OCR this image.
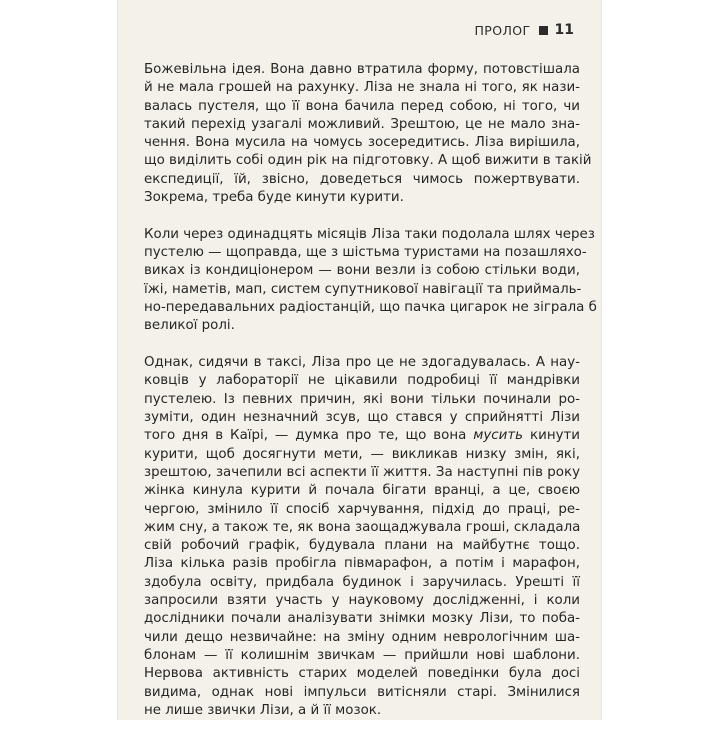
ПРОЛОГ 11
Божевільна ідея. Вона давно втратила форму, потовстішала
й не мала грошей на рахунку. Ліза не знала ні того, як нази-
валась пустеля, що її вона бачила перед собою, ні того, чи
такий перехід узагалі можливий. Зрештою, це не мало зна-
чення. Вона мусила на чомусь зосередитись. Ліза вирішила,
що виділить собі один рік на підготовку. А щоб вижити в такій
експедиції, їй, звісно, доведеться чимось пожертвувати.
Зокрема, треба буде кинути курити.
Коли через одинадцять місяців Ліза таки подолала шлях через
пустелю — щоправда, ще з шістьма туристами на позашляхо-
виках із кондиціонером — вони везли із собою стільки води,
їжі, наметів, мап, систем супутникової навігації та приймаль-
но-передавальних радіостанцій, що пачка цигарок не зіграла б
великої ролі.
Однак, сидячи в таксі, Ліза про це не здогадувалась. А нау-
ковців у лабораторії не цікавили подробиці її мандрівки
пустелею. Із певних причин, які вони тільки починали ро-
зуміти, один незначний зсув, що стався у сприйнятті Лізи
того дня в Каїрі, — думка про те, що вона мусить кинути
курити, щоб досягнути мети, — викликав низку змін, які,
зрештою, зачепили всі аспекти її життя. За наступні пів року
жінка кинула курити й почала бігати вранці, а це, своєю
чергою, змінило її спосіб харчування, підхід до праці, ре-
жим сну, а також те, як вона заощаджувала гроші, складала
свій робочий графік, будувала плани на майбутнє тощо.
Ліза кілька разів пробігла півмарафон, а потім і марафон,
здобула освіту, придбала будинок і заручилась. Урешті її
запросили взяти участь у науковому дослідженні, і коли
дослідники почали аналізувати знімки мозку Лізи, то поба-
чили дещо незвичайне: на зміну одним неврологічним ша-
блонам — її колишнім звичкам — прийшли нові шаблони.
Нервова активність старих моделей поведінки була досі
видима, однак нові імпульси витісняли старі. Змінилися
не лише звички Лізи, а й її мозок.
